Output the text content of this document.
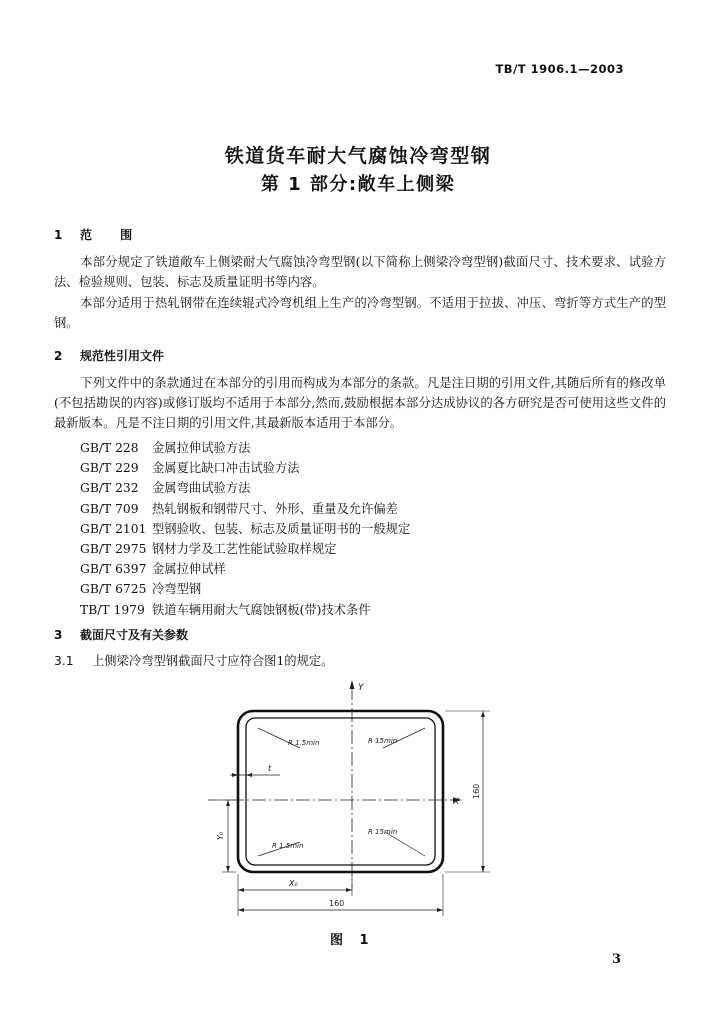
TB/T 1906.1—2003
铁道货车耐大气腐蚀冷弯型钢
第 1 部分:敞车上侧梁
1 范 围
本部分规定了铁道敞车上侧梁耐大气腐蚀冷弯型钢(以下简称上侧梁冷弯型钢)截面尺寸、技术要求、试验方法、检验规则、包装、标志及质量证明书等内容。
本部分适用于热轧钢带在连续辊式冷弯机组上生产的冷弯型钢。不适用于拉拔、冲压、弯折等方式生产的型钢。
2 规范性引用文件
下列文件中的条款通过在本部分的引用而构成为本部分的条款。凡是注日期的引用文件,其随后所有的修改单(不包括勘误的内容)或修订版均不适用于本部分,然而,鼓励根据本部分达成协议的各方研究是否可使用这些文件的最新版本。凡是不注日期的引用文件,其最新版本适用于本部分。
GB/T 228 金属拉伸试验方法
GB/T 229 金属夏比缺口冲击试验方法
GB/T 232 金属弯曲试验方法
GB/T 709 热轧钢板和钢带尺寸、外形、重量及允许偏差
GB/T 2101 型钢验收、包装、标志及质量证明书的一般规定
GB/T 2975 钢材力学及工艺性能试验取样规定
GB/T 6397 金属拉伸试样
GB/T 6725 冷弯型钢
TB/T 1979 铁道车辆用耐大气腐蚀钢板(带)技术条件
3 截面尺寸及有关参数
3.1 上侧梁冷弯型钢截面尺寸应符合图1的规定。
Y
X
R 1.5min	R 15min
R 15min
R 1.5min
t
Y₀
X₀
160
160
图 1
3
